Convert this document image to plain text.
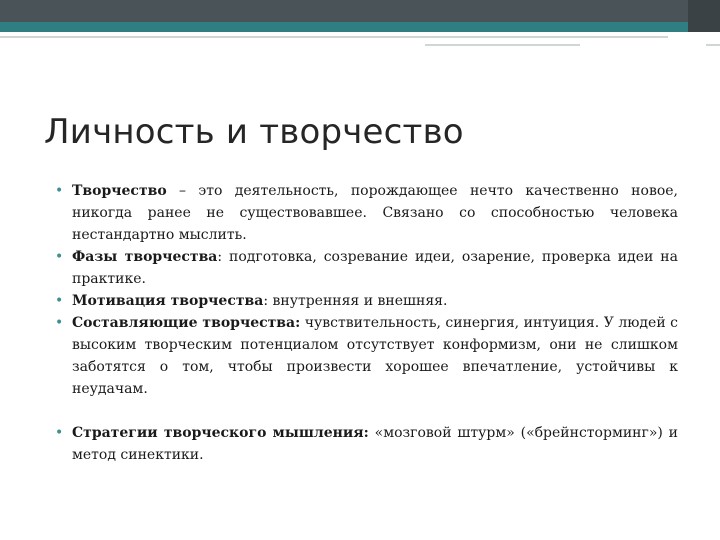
Личность и творчество
• Творчество – это деятельность, порождающее нечто качественно новое, никогда ранее не существовавшее. Связано со способностью человека нестандартно мыслить.
• Фазы творчества: подготовка, созревание идеи, озарение, проверка идеи на практике.
• Мотивация творчества: внутренняя и внешняя.
• Составляющие творчества: чувствительность, синергия, интуиция. У людей с высоким творческим потенциалом отсутствует конформизм, они не слишком заботятся о том, чтобы произвести хорошее впечатление, устойчивы к неудачам.
• Стратегии творческого мышления: «мозговой штурм» («брейнсторминг») и метод синектики.
